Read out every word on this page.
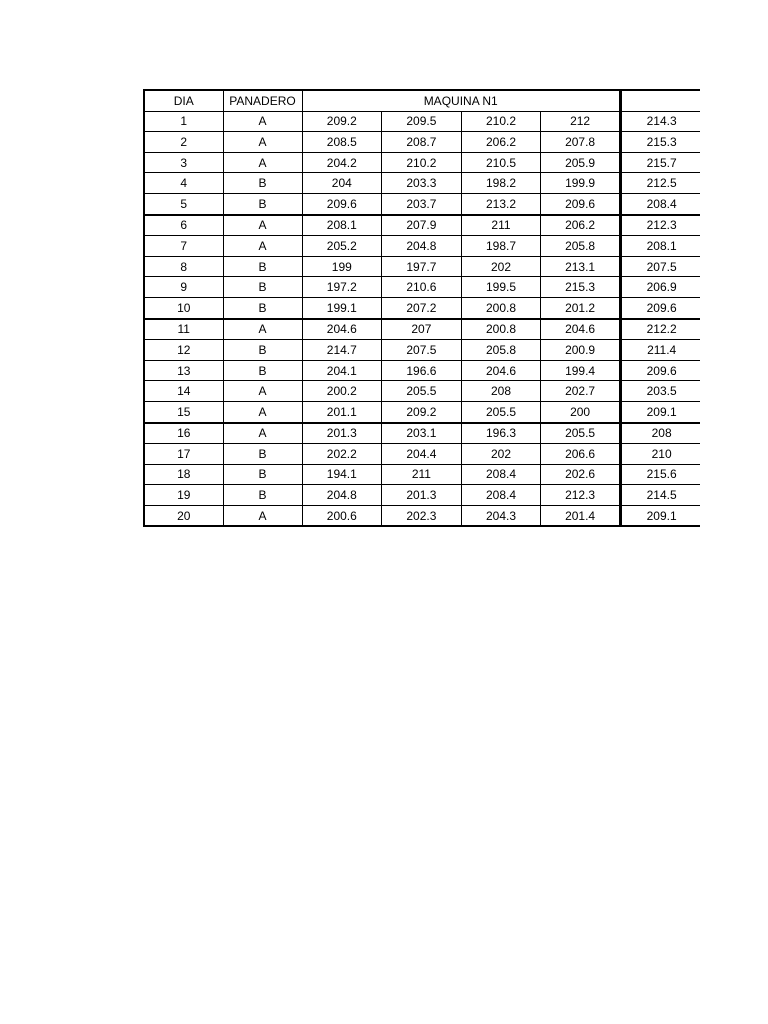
DIA	PANADERO	MAQUINA N1				
1	A	209.2	209.5	210.2	212	214.3
2	A	208.5	208.7	206.2	207.8	215.3
3	A	204.2	210.2	210.5	205.9	215.7
4	B	204	203.3	198.2	199.9	212.5
5	B	209.6	203.7	213.2	209.6	208.4
6	A	208.1	207.9	211	206.2	212.3
7	A	205.2	204.8	198.7	205.8	208.1
8	B	199	197.7	202	213.1	207.5
9	B	197.2	210.6	199.5	215.3	206.9
10	B	199.1	207.2	200.8	201.2	209.6
11	A	204.6	207	200.8	204.6	212.2
12	B	214.7	207.5	205.8	200.9	211.4
13	B	204.1	196.6	204.6	199.4	209.6
14	A	200.2	205.5	208	202.7	203.5
15	A	201.1	209.2	205.5	200	209.1
16	A	201.3	203.1	196.3	205.5	208
17	B	202.2	204.4	202	206.6	210
18	B	194.1	211	208.4	202.6	215.6
19	B	204.8	201.3	208.4	212.3	214.5
20	A	200.6	202.3	204.3	201.4	209.1
